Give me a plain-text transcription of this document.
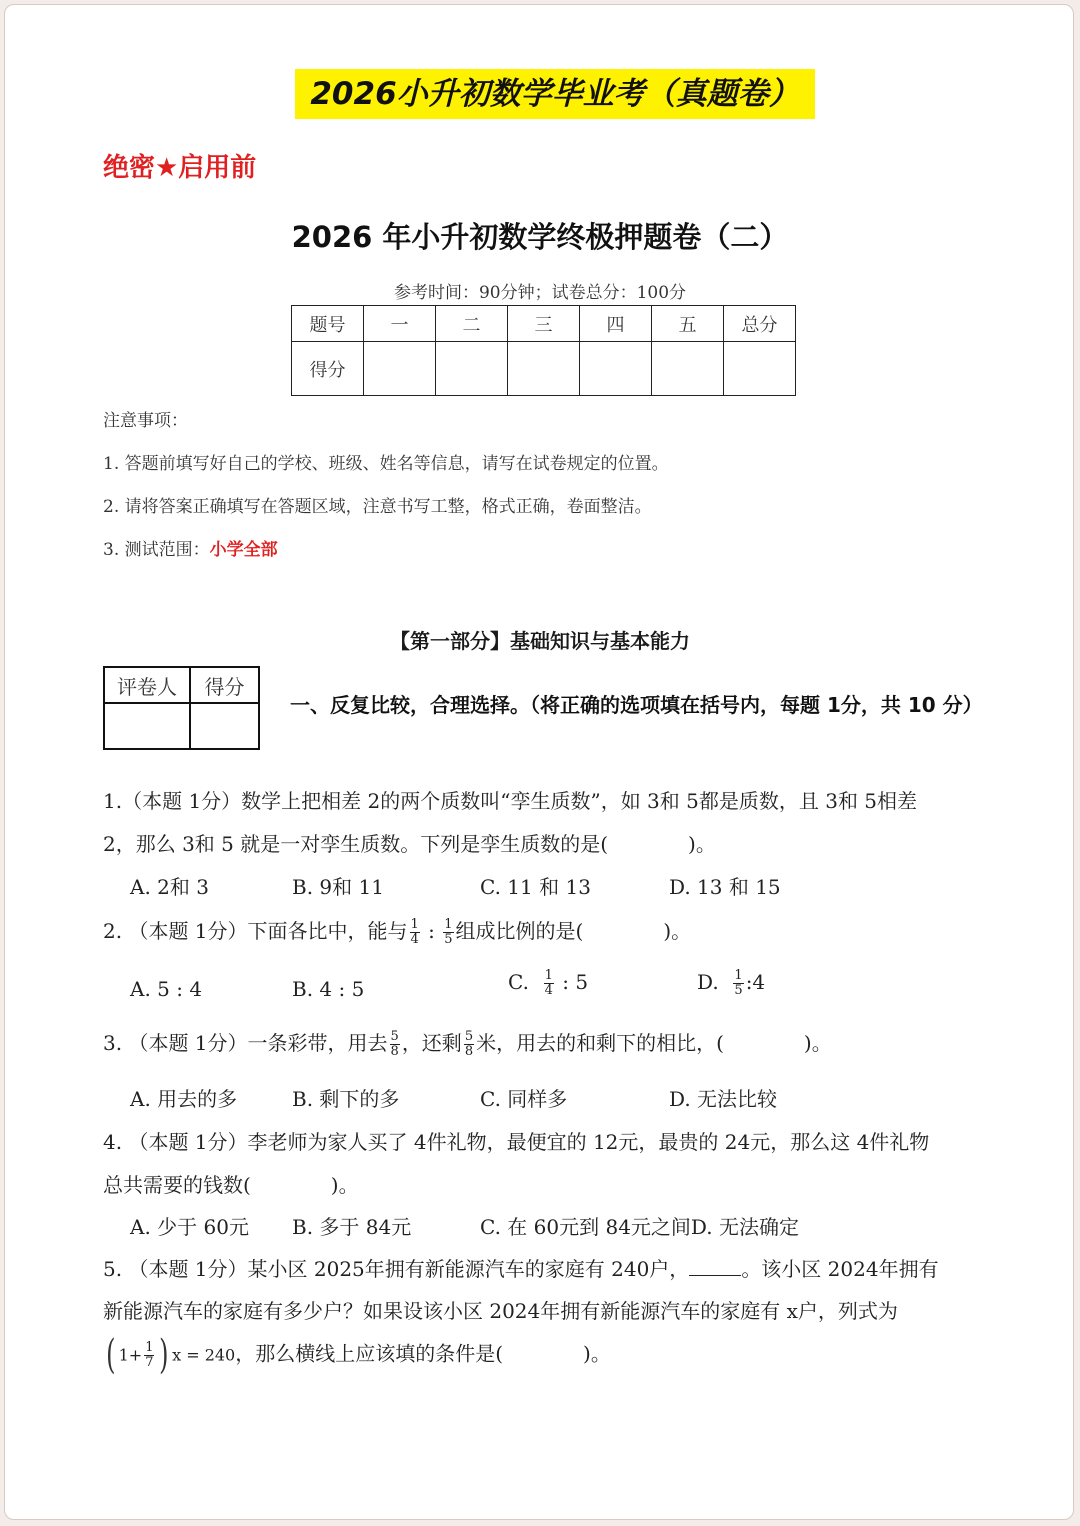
2026小升初数学毕业考（真题卷）
绝密★启用前
2026 年小升初数学终极押题卷（二）
参考时间：90分钟；试卷总分：100分
题号	一	二	三	四	五	总分
得分						
注意事项：
1. 答题前填写好自己的学校、班级、姓名等信息，请写在试卷规定的位置。
2. 请将答案正确填写在答题区域，注意书写工整，格式正确，卷面整洁。
3. 测试范围：小学全部
【第一部分】基础知识与基本能力
评卷人	得分

一、反复比较，合理选择。（将正确的选项填在括号内，每题 1分，共 10 分）
1.（本题 1分）数学上把相差 2的两个质数叫“孪生质数”，如 3和 5都是质数，且 3和 5相差
2，那么 3和 5 就是一对孪生质数。下列是孪生质数的是(　　　　)。
A. 2和 3	B. 9和 11	C. 11 和 13	D. 13 和 15
2. （本题 1分）下面各比中，能与 $\frac{1}{4}$ : $\frac{1}{5}$ 组成比例的是(　　　　)。
A. 5 : 4	B. 4 : 5	C. $\frac{1}{4}$ : 5	D. $\frac{1}{5}$ :4
3. （本题 1分）一条彩带，用去 $\frac{5}{8}$ ，还剩 $\frac{5}{8}$ 米，用去的和剩下的相比，(　　　　)。
A. 用去的多	B. 剩下的多	C. 同样多	D. 无法比较
4. （本题 1分）李老师为家人买了 4件礼物，最便宜的 12元，最贵的 24元，那么这 4件礼物
总共需要的钱数(　　　　)。
A. 少于 60元 B. 多于 84元	C. 在 60元到 84元之间D. 无法确定
5. （本题 1分）某小区 2025年拥有新能源汽车的家庭有 240户，	。该小区 2024年拥有
新能源汽车的家庭有多少户？如果设该小区 2024年拥有新能源汽车的家庭有 x户，列式为
( $1+ \frac{1}{7}$ ) x = 240，那么横线上应该填的条件是(　　　　)。
